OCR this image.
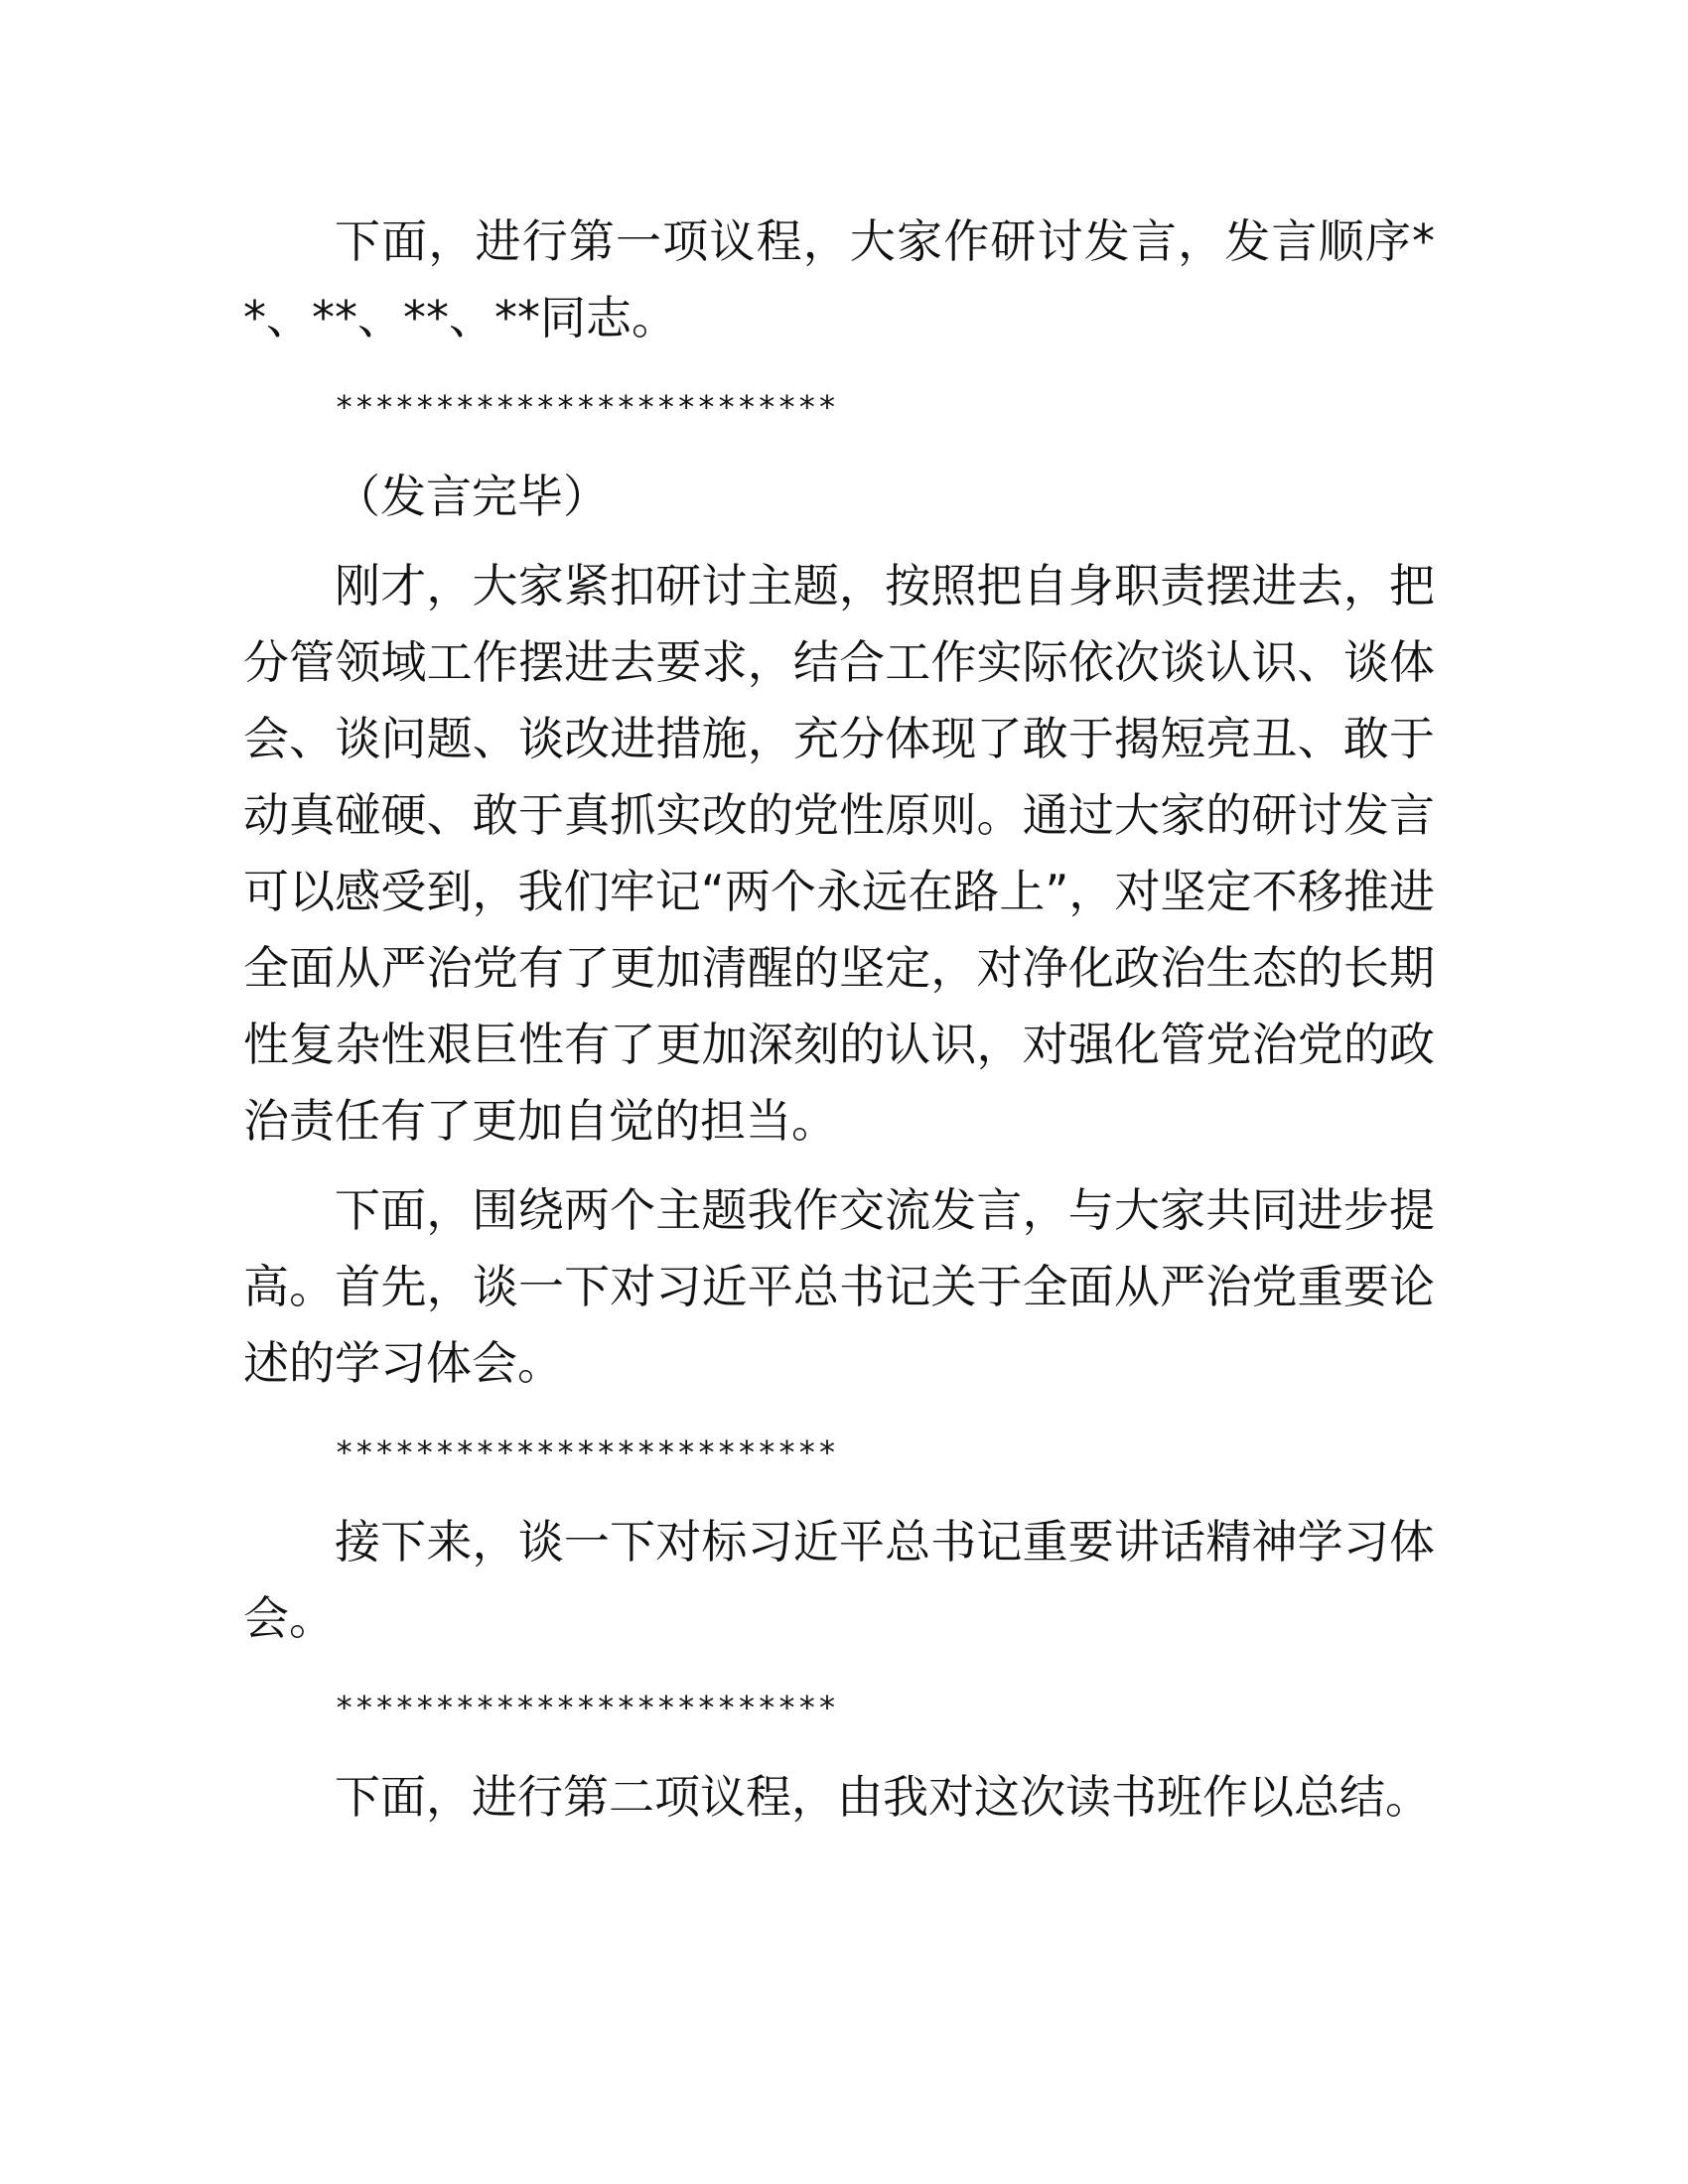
下面，进行第一项议程，大家作研讨发言，发言顺序**、**、**、**同志。

*************************
（发言完毕）

刚才，大家紧扣研讨主题，按照把自身职责摆进去，把分管领域工作摆进去要求，结合工作实际依次谈认识、谈体会、谈问题、谈改进措施，充分体现了敢于揭短亮丑、敢于动真碰硬、敢于真抓实改的党性原则。通过大家的研讨发言可以感受到，我们牢记“两个永远在路上”，对坚定不移推进全面从严治党有了更加清醒的坚定，对净化政治生态的长期性复杂性艰巨性有了更加深刻的认识，对强化管党治党的政治责任有了更加自觉的担当。

下面，围绕两个主题我作交流发言，与大家共同进步提高。首先，谈一下对习近平总书记关于全面从严治党重要论述的学习体会。

*************************

接下来，谈一下对标习近平总书记重要讲话精神学习体会。

*************************

下面，进行第二项议程，由我对这次读书班作以总结。
